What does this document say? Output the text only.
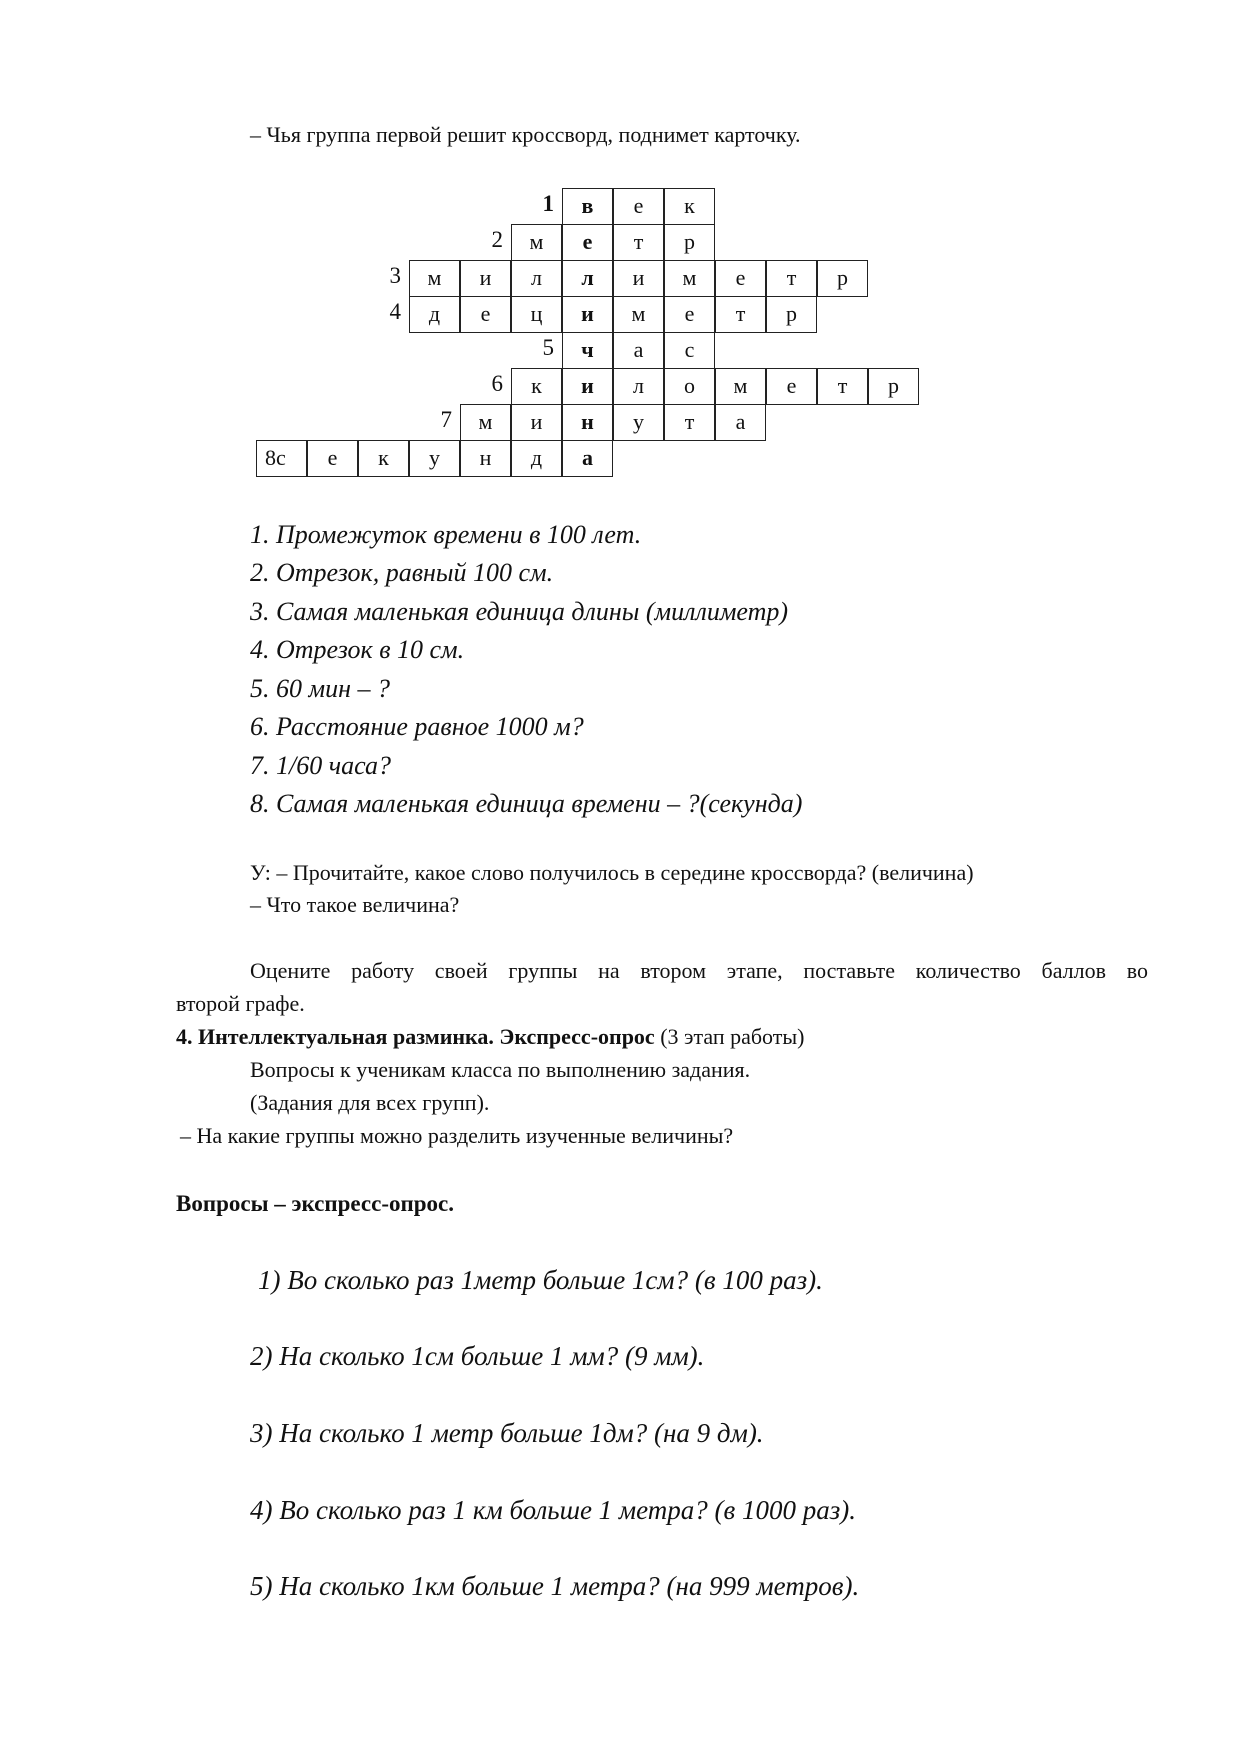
– Чья группа первой решит кроссворд, поднимет карточку.
1	в	е	к
2	м	е	т	р
3	м	и	л	л	и	м	е	т	р
4	д	е	ц	и	м	е	т	р
5	ч	а	с
6	к	и	л	о	м	е	т	р
7	м	и	н	у	т	а
8с	е	к	у	н	д	а
1. Промежуток времени в 100 лет.
2. Отрезок, равный 100 см.
3. Самая маленькая единица длины (миллиметр)
4. Отрезок в 10 см.
5. 60 мин – ?
6. Расстояние равное 1000 м?
7. 1/60 часа?
8. Самая маленькая единица времени – ?(секунда)
У: – Прочитайте, какое слово получилось в середине кроссворда? (величина)
– Что такое величина?
Оцените работу своей группы на втором этапе, поставьте количество баллов во
второй графе.
4. Интеллектуальная разминка. Экспресс-опрос (3 этап работы)
Вопросы к ученикам класса по выполнению задания.
(Задания для всех групп).
– На какие группы можно разделить изученные величины?
Вопросы – экспресс-опрос.
1) Во сколько раз 1метр больше 1см? (в 100 раз).
2) На сколько 1см больше 1 мм? (9 мм).
3) На сколько 1 метр больше 1дм? (на 9 дм).
4) Во сколько раз 1 км больше 1 метра? (в 1000 раз).
5) На сколько 1км больше 1 метра? (на 999 метров).
